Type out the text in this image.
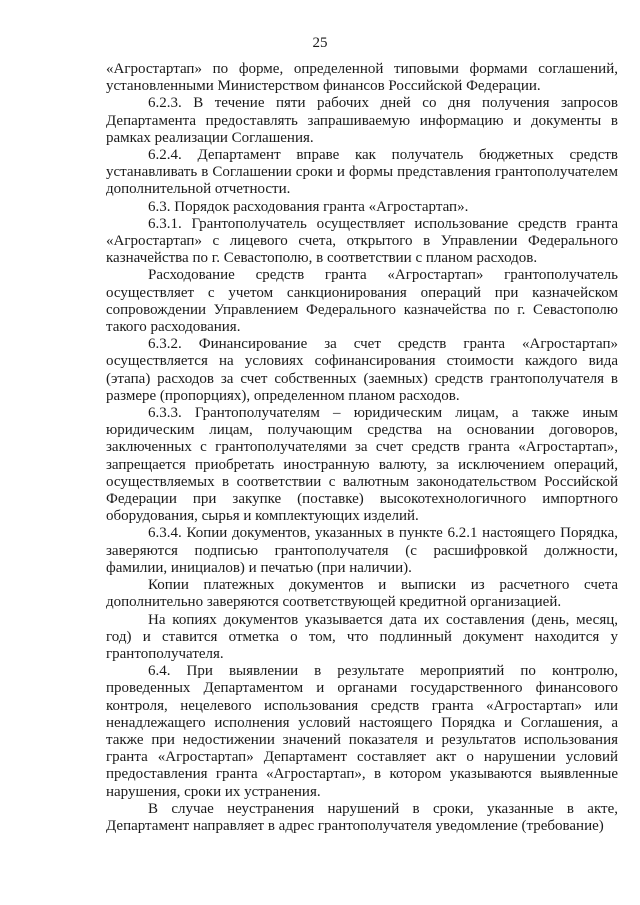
25

«Агростартап» по форме, определенной типовыми формами соглашений, установленными Министерством финансов Российской Федерации.

6.2.3. В течение пяти рабочих дней со дня получения запросов Департамента предоставлять запрашиваемую информацию и документы в рамках реализации Соглашения.

6.2.4. Департамент вправе как получатель бюджетных средств устанавливать в Соглашении сроки и формы представления грантополучателем дополнительной отчетности.

6.3. Порядок расходования гранта «Агростартап».

6.3.1. Грантополучатель осуществляет использование средств гранта «Агростартап» с лицевого счета, открытого в Управлении Федерального казначейства по г. Севастополю, в соответствии с планом расходов.

Расходование средств гранта «Агростартап» грантополучатель осуществляет с учетом санкционирования операций при казначейском сопровождении Управлением Федерального казначейства по г. Севастополю такого расходования.

6.3.2. Финансирование за счет средств гранта «Агростартап» осуществляется на условиях софинансирования стоимости каждого вида (этапа) расходов за счет собственных (заемных) средств грантополучателя в размере (пропорциях), определенном планом расходов.

6.3.3. Грантополучателям – юридическим лицам, а также иным юридическим лицам, получающим средства на основании договоров, заключенных с грантополучателями за счет средств гранта «Агростартап», запрещается приобретать иностранную валюту, за исключением операций, осуществляемых в соответствии с валютным законодательством Российской Федерации при закупке (поставке) высокотехнологичного импортного оборудования, сырья и комплектующих изделий.

6.3.4. Копии документов, указанных в пункте 6.2.1 настоящего Порядка, заверяются подписью грантополучателя (с расшифровкой должности, фамилии, инициалов) и печатью (при наличии).

Копии платежных документов и выписки из расчетного счета дополнительно заверяются соответствующей кредитной организацией.

На копиях документов указывается дата их составления (день, месяц, год) и ставится отметка о том, что подлинный документ находится у грантополучателя.

6.4. При выявлении в результате мероприятий по контролю, проведенных Департаментом и органами государственного финансового контроля, нецелевого использования средств гранта «Агростартап» или ненадлежащего исполнения условий настоящего Порядка и Соглашения, а также при недостижении значений показателя и результатов использования гранта «Агростартап» Департамент составляет акт о нарушении условий предоставления гранта «Агростартап», в котором указываются выявленные нарушения, сроки их устранения.

В случае неустранения нарушений в сроки, указанные в акте, Департамент направляет в адрес грантополучателя уведомление (требование)
